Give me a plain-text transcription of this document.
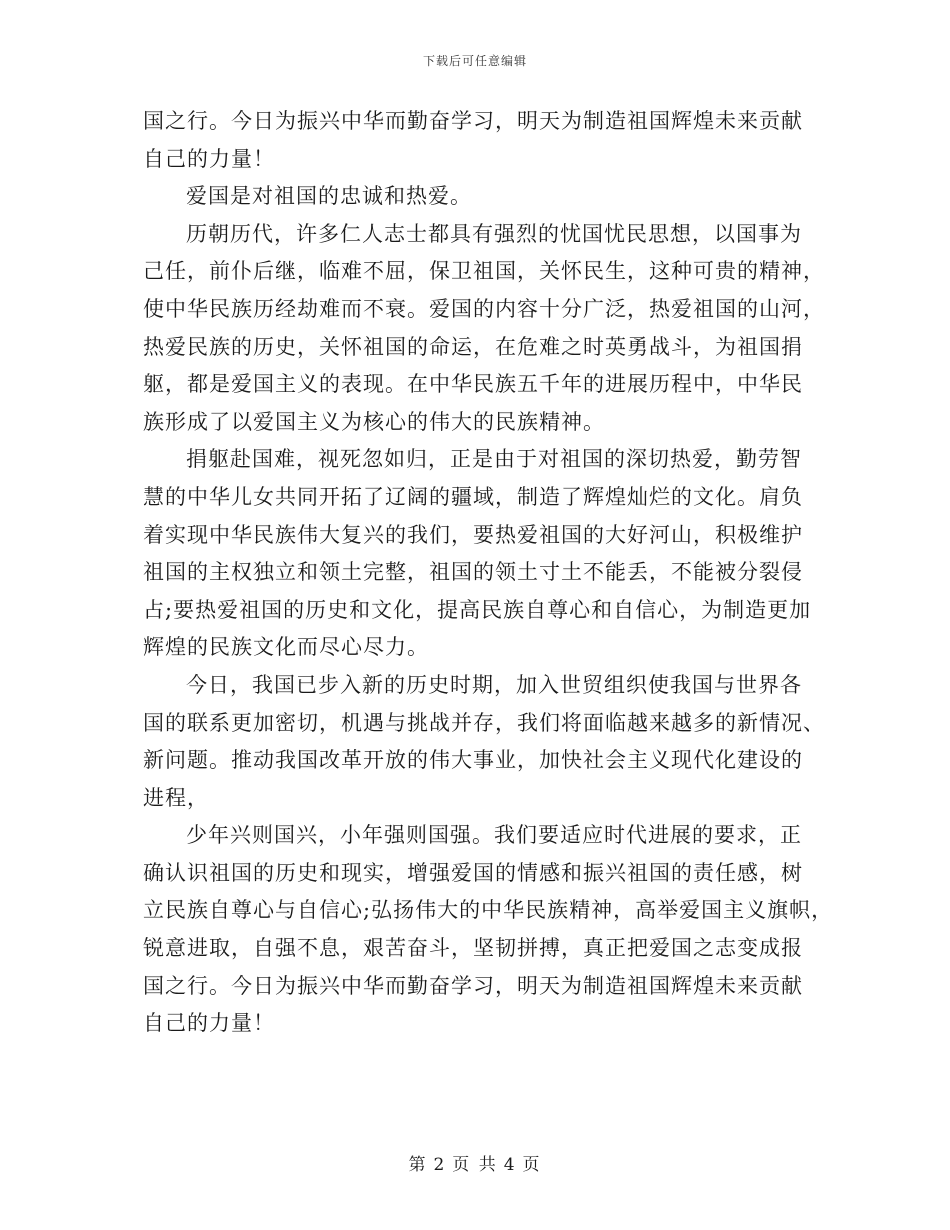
下载后可任意编辑
国之行。今日为振兴中华而勤奋学习，明天为制造祖国辉煌未来贡献
自己的力量！
爱国是对祖国的忠诚和热爱。
历朝历代，许多仁人志士都具有强烈的忧国忧民思想，以国事为
己任，前仆后继，临难不屈，保卫祖国，关怀民生，这种可贵的精神，
使中华民族历经劫难而不衰。爱国的内容十分广泛，热爱祖国的山河，
热爱民族的历史，关怀祖国的命运，在危难之时英勇战斗，为祖国捐
躯，都是爱国主义的表现。在中华民族五千年的进展历程中，中华民
族形成了以爱国主义为核心的伟大的民族精神。
捐躯赴国难，视死忽如归，正是由于对祖国的深切热爱，勤劳智
慧的中华儿女共同开拓了辽阔的疆域，制造了辉煌灿烂的文化。肩负
着实现中华民族伟大复兴的我们，要热爱祖国的大好河山，积极维护
祖国的主权独立和领土完整，祖国的领土寸土不能丢，不能被分裂侵
占;要热爱祖国的历史和文化，提高民族自尊心和自信心，为制造更加
辉煌的民族文化而尽心尽力。
今日，我国已步入新的历史时期，加入世贸组织使我国与世界各
国的联系更加密切，机遇与挑战并存，我们将面临越来越多的新情况、
新问题。推动我国改革开放的伟大事业，加快社会主义现代化建设的
进程，
少年兴则国兴，小年强则国强。我们要适应时代进展的要求，正
确认识祖国的历史和现实，增强爱国的情感和振兴祖国的责任感，树
立民族自尊心与自信心;弘扬伟大的中华民族精神，高举爱国主义旗帜，
锐意进取，自强不息，艰苦奋斗，坚韧拼搏，真正把爱国之志变成报
国之行。今日为振兴中华而勤奋学习，明天为制造祖国辉煌未来贡献
自己的力量！
第 2 页 共 4 页
